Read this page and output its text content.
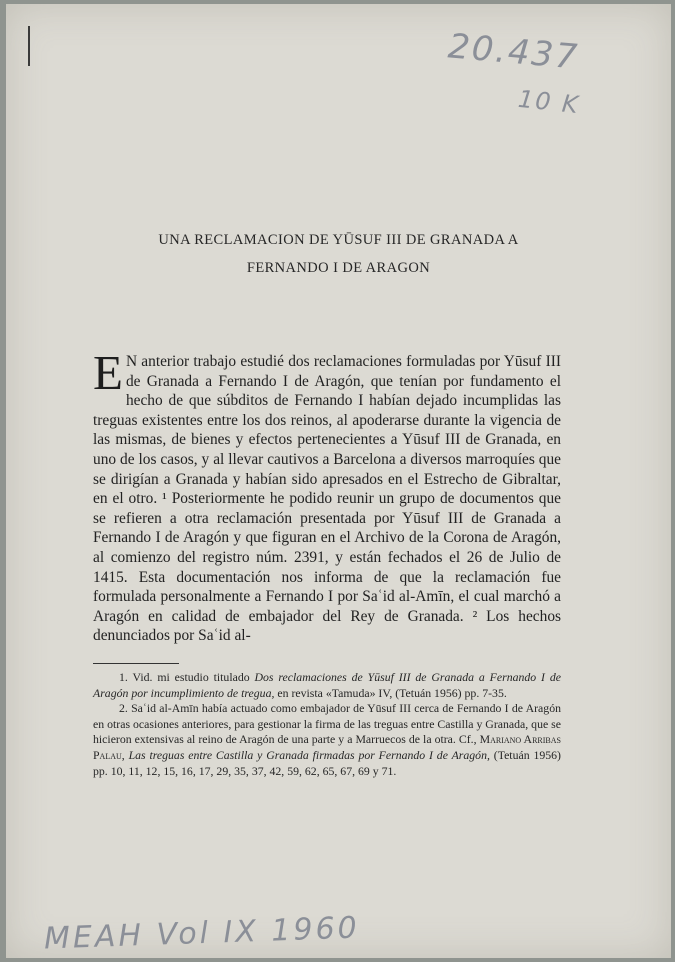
20.437
10 K
UNA RECLAMACION DE YŪSUF III DE GRANADA A
FERNANDO I DE ARAGON
E N anterior trabajo estudié dos reclamaciones formuladas por Yūsuf III de Granada a Fernando I de Aragón, que tenían por fundamento el hecho de que súbditos de Fernando I habían dejado incumplidas las treguas existentes entre los dos reinos, al apoderarse durante la vigencia de las mismas, de bienes y efectos pertenecientes a Yūsuf III de Granada, en uno de los casos, y al llevar cautivos a Barcelona a diversos marroquíes que se dirigían a Granada y habían sido apresados en el Estrecho de Gibraltar, en el otro. ¹ Posteriormente he podido reunir un grupo de documentos que se refieren a otra reclamación presentada por Yūsuf III de Granada a Fernando I de Aragón y que figuran en el Archivo de la Corona de Aragón, al comienzo del registro núm. 2391, y están fechados el 26 de Julio de 1415. Esta documentación nos informa de que la reclamación fue formulada personalmente a Fernando I por Saʿid al-Amīn, el cual marchó a Aragón en calidad de embajador del Rey de Granada. ² Los hechos denunciados por Saʿid al-

1. Vid. mi estudio titulado Dos reclamaciones de Yūsuf III de Granada a Fernando I de Aragón por incumplimiento de tregua, en revista «Tamuda» IV, (Tetuán 1956) pp. 7-35.

2. Saʿid al-Amīn había actuado como embajador de Yūsuf III cerca de Fernando I de Aragón en otras ocasiones anteriores, para gestionar la firma de las treguas entre Castilla y Granada, que se hicieron extensivas al reino de Aragón de una parte y a Marruecos de la otra. Cf., Mariano Arribas Palau, Las treguas entre Castilla y Granada firmadas por Fernando I de Aragón, (Tetuán 1956) pp. 10, 11, 12, 15, 16, 17, 29, 35, 37, 42, 59, 62, 65, 67, 69 y 71.

MEAH Vol IX 1960
